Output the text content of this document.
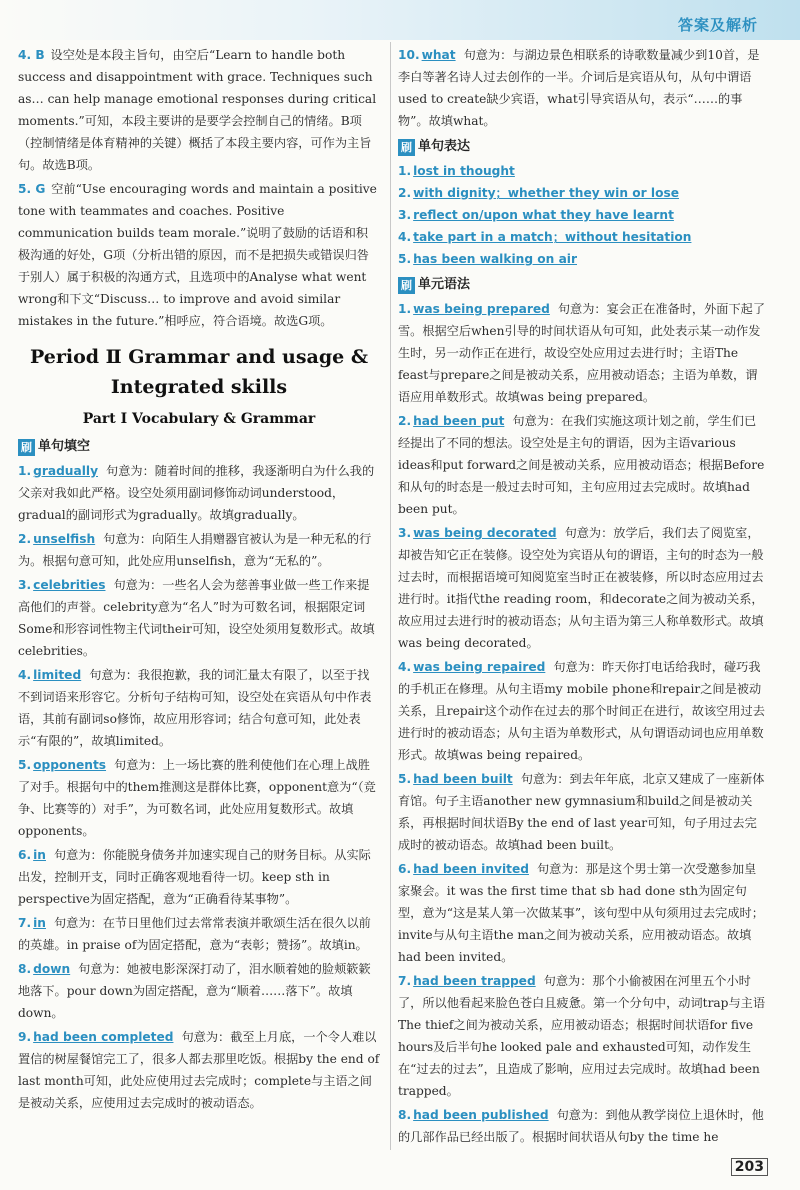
答案及解析
4. B 设空处是本段主旨句，由空后“Learn to handle both success and disappointment with grace. Techniques such as… can help manage emotional responses during critical moments.”可知，本段主要讲的是要学会控制自己的情绪。B项（控制情绪是体育精神的关键）概括了本段主要内容，可作为主旨句。故选B项。
5. G 空前“Use encouraging words and maintain a positive tone with teammates and coaches. Positive communication builds team morale.”说明了鼓励的话语和积极沟通的好处，G项（分析出错的原因，而不是把损失或错误归咎于别人）属于积极的沟通方式，且选项中的Analyse what went wrong和下文“Discuss… to improve and avoid similar mistakes in the future.”相呼应，符合语境。故选G项。
Period Ⅱ Grammar and usage & Integrated skills
Part Ⅰ Vocabulary & Grammar
刷 单句填空
1. gradually 句意为：随着时间的推移，我逐渐明白为什么我的父亲对我如此严格。设空处须用副词修饰动词understood，gradual的副词形式为gradually。故填gradually。
2. unselfish 句意为：向陌生人捐赠器官被认为是一种无私的行为。根据句意可知，此处应用unselfish，意为“无私的”。
3. celebrities 句意为：一些名人会为慈善事业做一些工作来提高他们的声誉。celebrity意为“名人”时为可数名词，根据限定词Some和形容词性物主代词their可知，设空处须用复数形式。故填celebrities。
4. limited 句意为：我很抱歉，我的词汇量太有限了，以至于找不到词语来形容它。分析句子结构可知，设空处在宾语从句中作表语，其前有副词so修饰，故应用形容词；结合句意可知，此处表示“有限的”，故填limited。
5. opponents 句意为：上一场比赛的胜利使他们在心理上战胜了对手。根据句中的them推测这是群体比赛，opponent意为“（竞争、比赛等的）对手”，为可数名词，此处应用复数形式。故填opponents。
6. in 句意为：你能脱身债务并加速实现自己的财务目标。从实际出发，控制开支，同时正确客观地看待一切。keep sth in perspective为固定搭配，意为“正确看待某事物”。
7. in 句意为：在节日里他们过去常常表演并歌颂生活在很久以前的英雄。in praise of为固定搭配，意为“表彰；赞扬”。故填in。
8. down 句意为：她被电影深深打动了，泪水顺着她的脸颊簌簌地落下。pour down为固定搭配，意为“顺着……落下”。故填down。
9. had been completed 句意为：截至上月底，一个令人难以置信的树屋餐馆完工了，很多人都去那里吃饭。根据by the end of last month可知，此处应使用过去完成时；complete与主语之间是被动关系，应使用过去完成时的被动语态。
10. what 句意为：与湖边景色相联系的诗歌数量减少到10首，是李白等著名诗人过去创作的一半。介词后是宾语从句，从句中谓语used to create缺少宾语，what引导宾语从句，表示“……的事物”。故填what。
刷 单句表达
1. lost in thought
2. with dignity；whether they win or lose
3. reflect on/upon what they have learnt
4. take part in a match；without hesitation
5. has been walking on air
刷 单元语法
1. was being prepared 句意为：宴会正在准备时，外面下起了雪。根据空后when引导的时间状语从句可知，此处表示某一动作发生时，另一动作正在进行，故设空处应用过去进行时；主语The feast与prepare之间是被动关系，应用被动语态；主语为单数，谓语应用单数形式。故填was being prepared。
2. had been put 句意为：在我们实施这项计划之前，学生们已经提出了不同的想法。设空处是主句的谓语，因为主语various ideas和put forward之间是被动关系，应用被动语态；根据Before和从句的时态是一般过去时可知，主句应用过去完成时。故填had been put。
3. was being decorated 句意为：放学后，我们去了阅览室，却被告知它正在装修。设空处为宾语从句的谓语，主句的时态为一般过去时，而根据语境可知阅览室当时正在被装修，所以时态应用过去进行时。it指代the reading room，和decorate之间为被动关系，故应用过去进行时的被动语态；从句主语为第三人称单数形式。故填was being decorated。
4. was being repaired 句意为：昨天你打电话给我时，碰巧我的手机正在修理。从句主语my mobile phone和repair之间是被动关系，且repair这个动作在过去的那个时间正在进行，故该空用过去进行时的被动语态；从句主语为单数形式，从句谓语动词也应用单数形式。故填was being repaired。
5. had been built 句意为：到去年年底，北京又建成了一座新体育馆。句子主语another new gymnasium和build之间是被动关系，再根据时间状语By the end of last year可知，句子用过去完成时的被动语态。故填had been built。
6. had been invited 句意为：那是这个男士第一次受邀参加皇家聚会。it was the first time that sb had done sth为固定句型，意为“这是某人第一次做某事”，该句型中从句须用过去完成时；invite与从句主语the man之间为被动关系，应用被动语态。故填had been invited。
7. had been trapped 句意为：那个小偷被困在河里五个小时了，所以他看起来脸色苍白且疲惫。第一个分句中，动词trap与主语The thief之间为被动关系，应用被动语态；根据时间状语for five hours及后半句he looked pale and exhausted可知，动作发生在“过去的过去”，且造成了影响，应用过去完成时。故填had been trapped。
8. had been published 句意为：到他从教学岗位上退休时，他的几部作品已经出版了。根据时间状语从句by the time he
203
